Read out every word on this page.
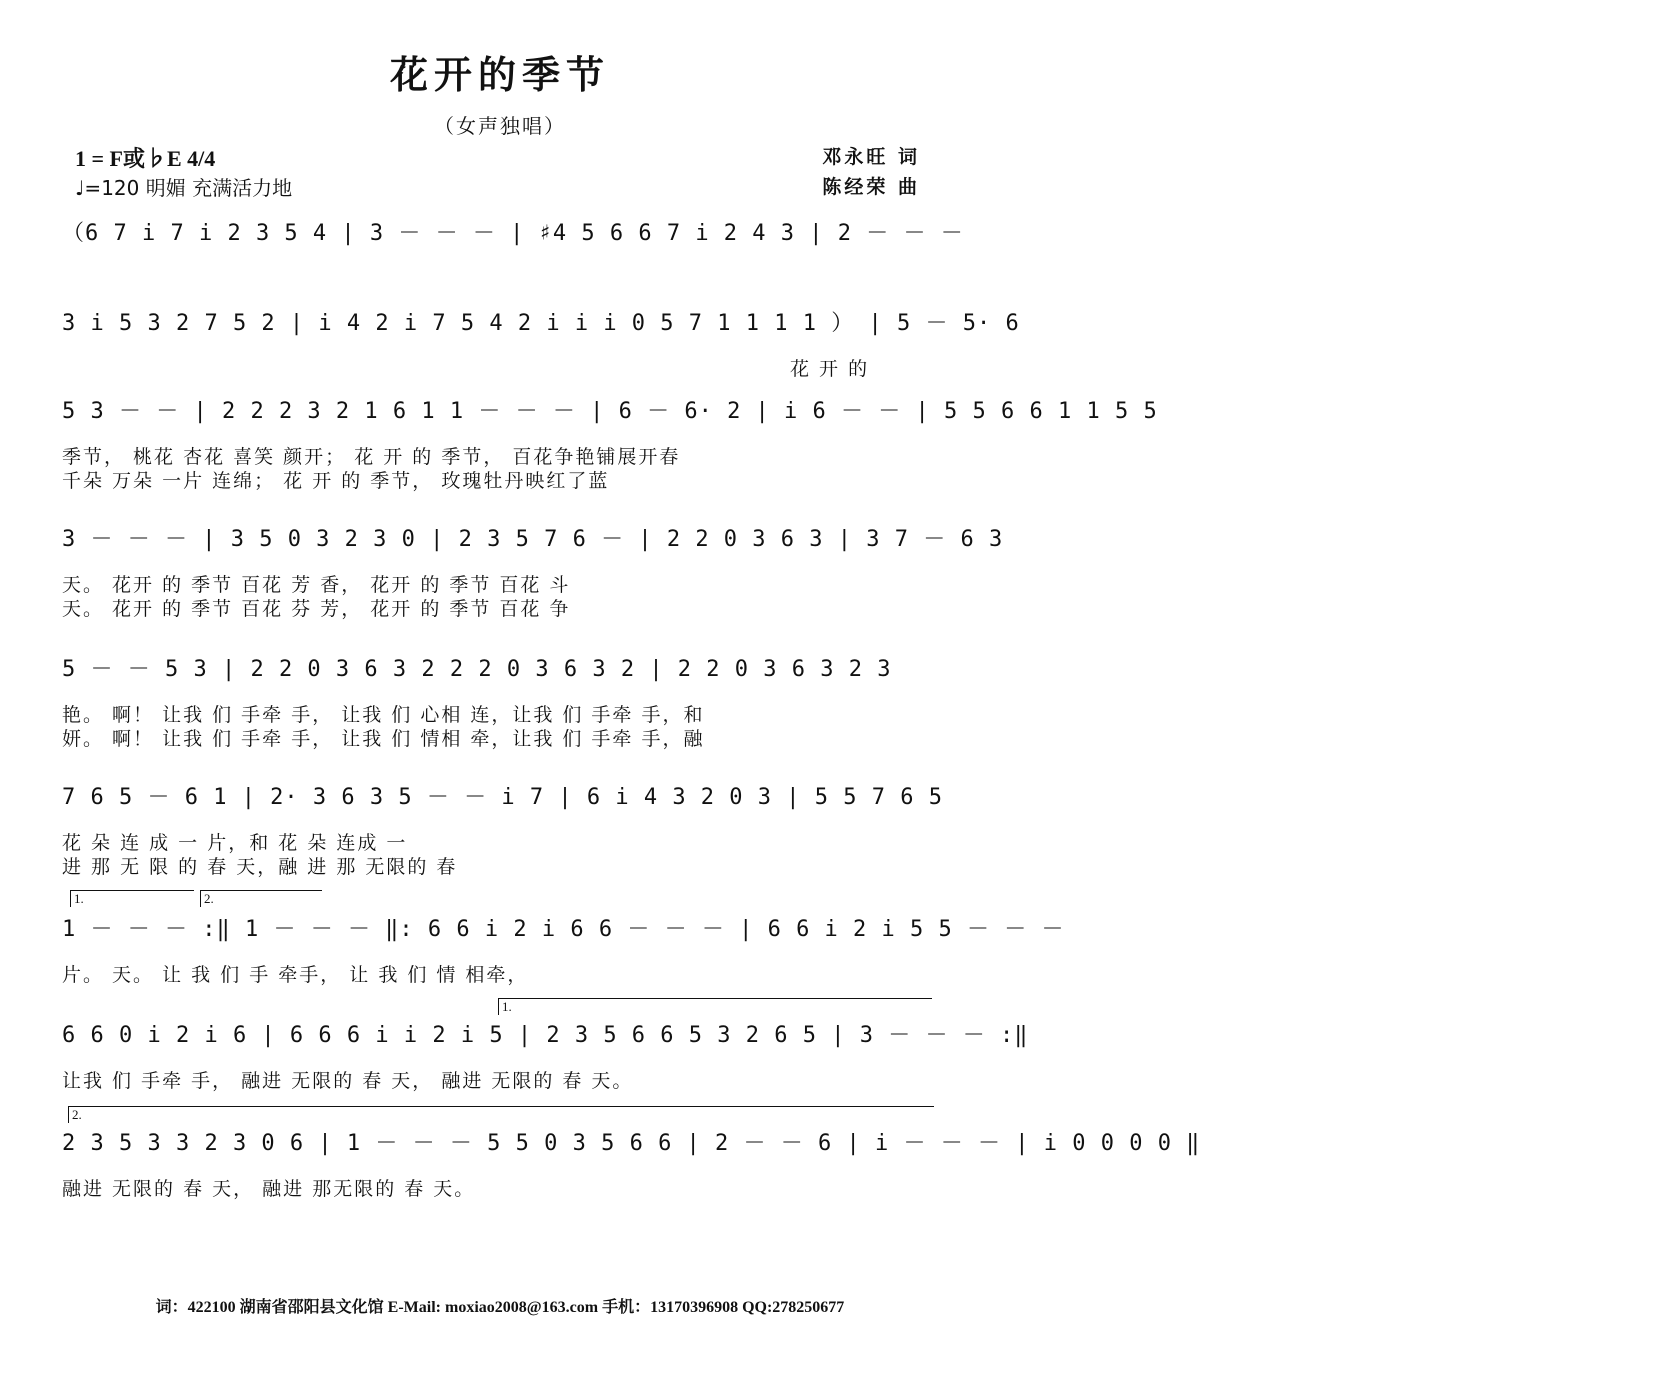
花开的季节
（女声独唱）
1 = F或♭E 4/4
♩=120 明媚 充满活力地
邓永旺 词
陈经荣 曲
（6 7 i 7 i 2 3 5 4 | 3 － － － | ♯4 5 6 6 7 i 2 4 3 | 2 － － －
3 i 5 3 2 7 5 2 | i 4 2 i 7 5 4 2 i i i 0 5 7 1 1 1 1 ） | 5 － 5· 6
花 开 的
5 3 － － | 2 2 2 3 2 1 6 1 1 － － － | 6 － 6· 2 | i 6 － － | 5 5 6 6 1 1 5 5
季节， 桃花 杏花 喜笑 颜开； 花 开 的 季节， 百花争艳铺展开春
千朵 万朵 一片 连绵； 花 开 的 季节， 玫瑰牡丹映红了蓝
3 － － － | 3 5 0 3 2 3 0 | 2 3 5 7 6 － | 2 2 0 3 6 3 | 3 7 － 6 3
天。 花开 的 季节 百花 芳 香， 花开 的 季节 百花 斗
天。 花开 的 季节 百花 芬 芳， 花开 的 季节 百花 争
5 － － 5 3 | 2 2 0 3 6 3 2 2 2 0 3 6 3 2 | 2 2 0 3 6 3 2 3
艳。 啊！ 让我 们 手牵 手， 让我 们 心相 连，让我 们 手牵 手，和
妍。 啊！ 让我 们 手牵 手， 让我 们 情相 牵，让我 们 手牵 手，融
7 6 5 － 6 1 | 2· 3 6 3 5 － － i 7 | 6 i 4 3 2 0 3 | 5 5 7 6 5
花 朵 连 成 一 片，和 花 朵 连成 一
进 那 无 限 的 春 天，融 进 那 无限的 春
1.	2.
1 － － － :‖ 1 － － － ‖: 6 6 i 2 i 6 6 － － － | 6 6 i 2 i 5 5 － － －
片。 天。 让 我 们 手 牵手， 让 我 们 情 相牵，
1.
6 6 0 i 2 i 6 | 6 6 6 i i 2 i 5 | 2 3 5 6 6 5 3 2 6 5 | 3 － － － :‖
让我 们 手牵 手， 融进 无限的 春 天， 融进 无限的 春 天。
2.
2 3 5 3 3 2 3 0 6 | 1 － － － 5 5 0 3 5 6 6 | 2 － － 6 | i － － － | i 0 0 0 0 ‖
融进 无限的 春 天， 融进 那无限的 春 天。
词：422100 湖南省邵阳县文化馆 E-Mail: moxiao2008@163.com 手机：13170396908 QQ:278250677
